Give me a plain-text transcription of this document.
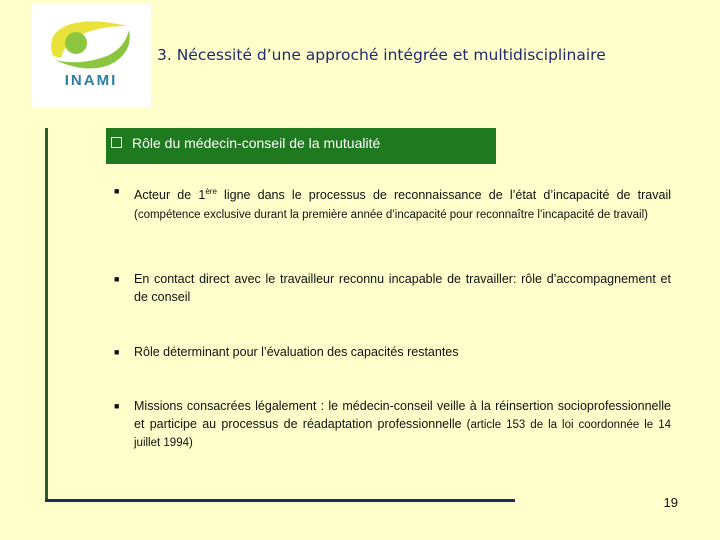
INAMI
3. Nécessité d’une approché intégrée et multidisciplinaire
Rôle du médecin-conseil de la mutualité
■ Acteur de 1ère ligne dans le processus de reconnaissance de l’état d’incapacité de travail (compétence exclusive durant la première année d’incapacité pour reconnaître l’incapacité de travail)
■ En contact direct avec le travailleur reconnu incapable de travailler: rôle d’accompagnement et de conseil
■ Rôle déterminant pour l’évaluation des capacités restantes
■ Missions consacrées légalement : le médecin-conseil veille à la réinsertion socioprofessionnelle et participe au processus de réadaptation professionnelle (article 153 de la loi coordonnée le 14 juillet 1994)
19
